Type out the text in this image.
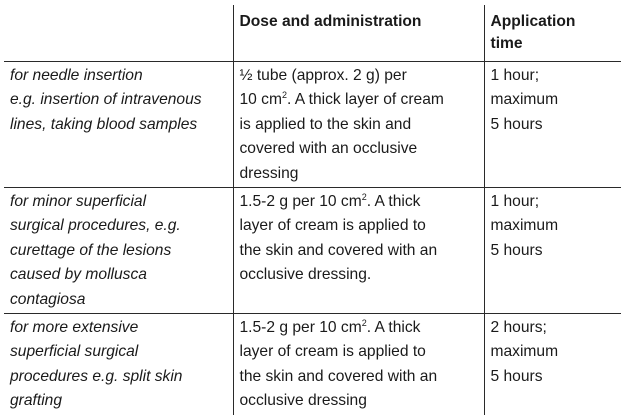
	Dose and administration	Application time

for needle insertion
e.g. insertion of intravenous
lines, taking blood samples	½ tube (approx. 2 g) per
10 $cm^2$. A thick layer of cream
is applied to the skin and
covered with an occlusive
dressing	1 hour;
maximum
5 hours

for minor superficial
surgical procedures, e.g.
curettage of the lesions
caused by mollusca
contagiosa	1.5-2 g per 10 $cm^2$. A thick
layer of cream is applied to
the skin and covered with an
occlusive dressing.	1 hour;
maximum
5 hours

for more extensive
superficial surgical
procedures e.g. split skin
grafting	1.5-2 g per 10 $cm^2$. A thick
layer of cream is applied to
the skin and covered with an
occlusive dressing	2 hours;
maximum
5 hours
